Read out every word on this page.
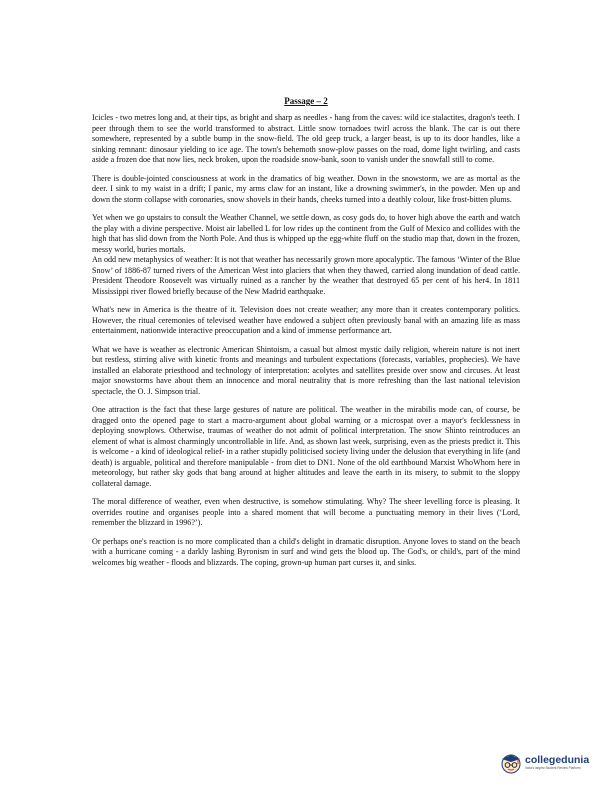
Passage – 2

Icicles - two metres long and, at their tips, as bright and sharp as needles - hang from the caves: wild ice stalactites, dragon's teeth. I peer through them to see the world transformed to abstract. Little snow tornadoes twirl across the blank. The car is out there somewhere, represented by a subtle bump in the snow-field. The old geep truck, a larger beast, is up to its door handles, like a sinking remnant: dinosaur yielding to ice age. The town's behemoth snow-plow passes on the road, dome light twirling, and casts aside a frozen doe that now lies, neck broken, upon the roadside snow-bank, soon to vanish under the snowfall still to come.

There is double-jointed consciousness at work in the dramatics of big weather. Down in the snowstorm, we are as mortal as the deer. I sink to my waist in a drift; I panic, my arms claw for an instant, like a drowning swimmer's, in the powder. Men up and down the storm collapse with coronaries, snow shovels in their hands, cheeks turned into a deathly colour, like frost-bitten plums.

Yet when we go upstairs to consult the Weather Channel, we settle down, as cosy gods do, to hover high above the earth and watch the play with a divine perspective. Moist air labelled L for low rides up the continent from the Gulf of Mexico and collides with the high that has slid down from the North Pole. And thus is whipped up the egg-white fluff on the studio map that, down in the frozen, messy world, buries mortals.

An odd new metaphysics of weather: It is not that weather has necessarily grown more apocalyptic. The famous ‘Winter of the Blue Snow’ of 1886-87 turned rivers of the American West into glaciers that when they thawed, carried along inundation of dead cattle. President Theodore Roosevelt was virtually ruined as a rancher by the weather that destroyed 65 per cent of his her4. In 1811 Mississippi river flowed briefly because of the New Madrid earthquake.

What's new in America is the theatre of it. Television does not create weather; any more than it creates contemporary politics. However, the ritual ceremonies of televised weather have endowed a subject often previously banal with an amazing life as mass entertainment, nationwide interactive preoccupation and a kind of immense performance art.

What we have is weather as electronic American Shintoism, a casual but almost mystic daily religion, wherein nature is not inert but restless, stirring alive with kinetic fronts and meanings and turbulent expectations (forecasts, variables, prophecies). We have installed an elaborate priesthood and technology of interpretation: acolytes and satellites preside over snow and circuses. At least major snowstorms have about them an innocence and moral neutrality that is more refreshing than the last national television spectacle, the O. J. Simpson trial.

One attraction is the fact that these large gestures of nature are political. The weather in the mirabilis mode can, of course, be dragged onto the opened page to start a macro-argument about global warning or a microspat over a mayor's fecklessness in deploying snowplows. Otherwise, traumas of weather do not admit of political interpretation. The snow Shinto reintroduces an element of what is almost charmingly uncontrollable in life. And, as shown last week, surprising, even as the priests predict it. This is welcome - a kind of ideological relief- in a rather stupidly politicised society living under the delusion that everything in life (and death) is arguable, political and therefore manipulable - from diet to DN1. None of the old earthbound Marxist WhoWhom here in meteorology, but rather sky gods that bang around at higher altitudes and leave the earth in its misery, to submit to the sloppy collateral damage.

The moral difference of weather, even when destructive, is somehow stimulating. Why? The sheer levelling force is pleasing. It overrides routine and organises people into a shared moment that will become a punctuating memory in their lives (‘Lord, remember the blizzard in 1996?’).

Or perhaps one's reaction is no more complicated than a child's delight in dramatic disruption. Anyone loves to stand on the beach with a hurricane coming - a darkly lashing Byronism in surf and wind gets the blood up. The God's, or child's, part of the mind welcomes big weather - floods and blizzards. The coping, grown-up human part curses it, and sinks.

collegedunia
India's largest Student Review Platform
